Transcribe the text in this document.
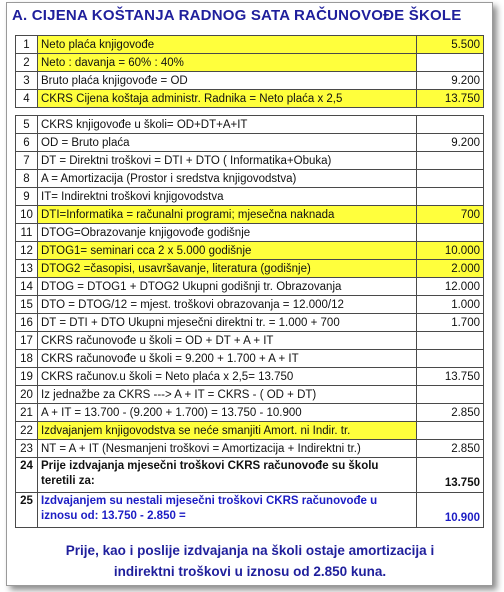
A. CIJENA KOŠTANJA RADNOG SATA RAČUNOVOĐE ŠKOLE
1	Neto plaća knjigovođe	5.500
2	Neto : davanja = 60% : 40%	
3	Bruto plaća knjigovođe = OD	9.200
4	CKRS Cijena koštaja administr. Radnika = Neto plaća x 2,5	13.750
5	CKRS knjigovođe u školi= OD+DT+A+IT	
6	OD = Bruto plaća	9.200
7	DT = Direktni troškovi = DTI + DTO ( Informatika+Obuka)	
8	A = Amortizacija (Prostor i sredstva knjigovodstva)	
9	IT= Indirektni troškovi knjigovodstva	
10	DTI=Informatika = računalni programi; mjesečna naknada	700
11	DTOG=Obrazovanje knjigovođe godišnje	
12	DTOG1= seminari cca 2 x 5.000 godišnje	10.000
13	DTOG2 =časopisi, usavršavanje, literatura (godišnje)	2.000
14	DTOG = DTOG1 + DTOG2 Ukupni godišnji tr. Obrazovanja	12.000
15	DTO = DTOG/12 = mjest. troškovi obrazovanja = 12.000/12	1.000
16	DT = DTI + DTO Ukupni mjesečni direktni tr. = 1.000 + 700	1.700
17	CKRS računovođe u školi = OD + DT + A + IT	
18	CKRS računovođe u školi = 9.200 + 1.700 + A + IT	
19	CKRS računov.u školi = Neto plaća x 2,5= 13.750	13.750
20	Iz jednažbe za CKRS ---> A + IT = CKRS - ( OD + DT)	
21	A + IT = 13.700 - (9.200 + 1.700) = 13.750 - 10.900	2.850
22	Izdvajanjem knjigovodstva se neće smanjiti Amort. ni Indir. tr.	
23	NT = A + IT (Nesmanjeni troškovi = Amortizacija + Indirektni tr.)	2.850
24	Prije izdvajanja mjesečni troškovi CKRS računovođe su školu teretili za:	13.750
25	Izdvajanjem su nestali mjesečni troškovi CKRS računovođe u iznosu od: 13.750 - 2.850 =	10.900
Prije, kao i poslije izdvajanja na školi ostaje amortizacija i
indirektni troškovi u iznosu od 2.850 kuna.
